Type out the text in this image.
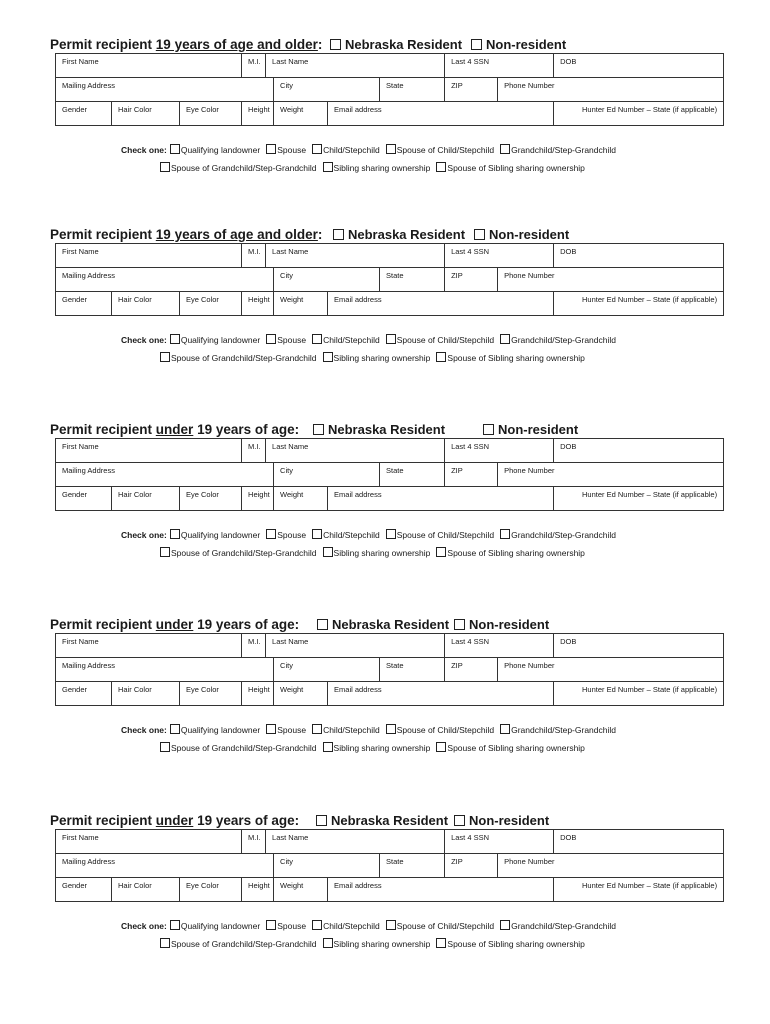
Permit recipient 19 years of age and older:	Nebraska Resident	Non-resident
First Name			M.I.	Last Name				Last 4 SSN		DOB
Mailing Address					City		State	ZIP	Phone Number	
Gender	Hair Color	Eye Color	Height		Weight	Email address				Hunter Ed Number – State (if applicable)
Check one: Qualifying landowner Spouse Child/Stepchild Spouse of Child/Stepchild Grandchild/Step-Grandchild
Spouse of Grandchild/Step-Grandchild Sibling sharing ownership Spouse of Sibling sharing ownership
Permit recipient 19 years of age and older:	Nebraska Resident	Non-resident
First Name			M.I.	Last Name				Last 4 SSN		DOB
Mailing Address					City		State	ZIP	Phone Number	
Gender	Hair Color	Eye Color	Height		Weight	Email address				Hunter Ed Number – State (if applicable)
Check one: Qualifying landowner Spouse Child/Stepchild Spouse of Child/Stepchild Grandchild/Step-Grandchild
Spouse of Grandchild/Step-Grandchild Sibling sharing ownership Spouse of Sibling sharing ownership
Permit recipient under 19 years of age:	Nebraska Resident	Non-resident
First Name			M.I.	Last Name				Last 4 SSN		DOB
Mailing Address					City		State	ZIP	Phone Number	
Gender	Hair Color	Eye Color	Height		Weight	Email address				Hunter Ed Number – State (if applicable)
Check one: Qualifying landowner Spouse Child/Stepchild Spouse of Child/Stepchild Grandchild/Step-Grandchild
Spouse of Grandchild/Step-Grandchild Sibling sharing ownership Spouse of Sibling sharing ownership
Permit recipient under 19 years of age:	Nebraska Resident	Non-resident
First Name			M.I.	Last Name				Last 4 SSN		DOB
Mailing Address					City		State	ZIP	Phone Number	
Gender	Hair Color	Eye Color	Height		Weight	Email address				Hunter Ed Number – State (if applicable)
Check one: Qualifying landowner Spouse Child/Stepchild Spouse of Child/Stepchild Grandchild/Step-Grandchild
Spouse of Grandchild/Step-Grandchild Sibling sharing ownership Spouse of Sibling sharing ownership
Permit recipient under 19 years of age:	Nebraska Resident	Non-resident
First Name			M.I.	Last Name				Last 4 SSN		DOB
Mailing Address					City		State	ZIP	Phone Number	
Gender	Hair Color	Eye Color	Height		Weight	Email address				Hunter Ed Number – State (if applicable)
Check one: Qualifying landowner Spouse Child/Stepchild Spouse of Child/Stepchild Grandchild/Step-Grandchild
Spouse of Grandchild/Step-Grandchild Sibling sharing ownership Spouse of Sibling sharing ownership
